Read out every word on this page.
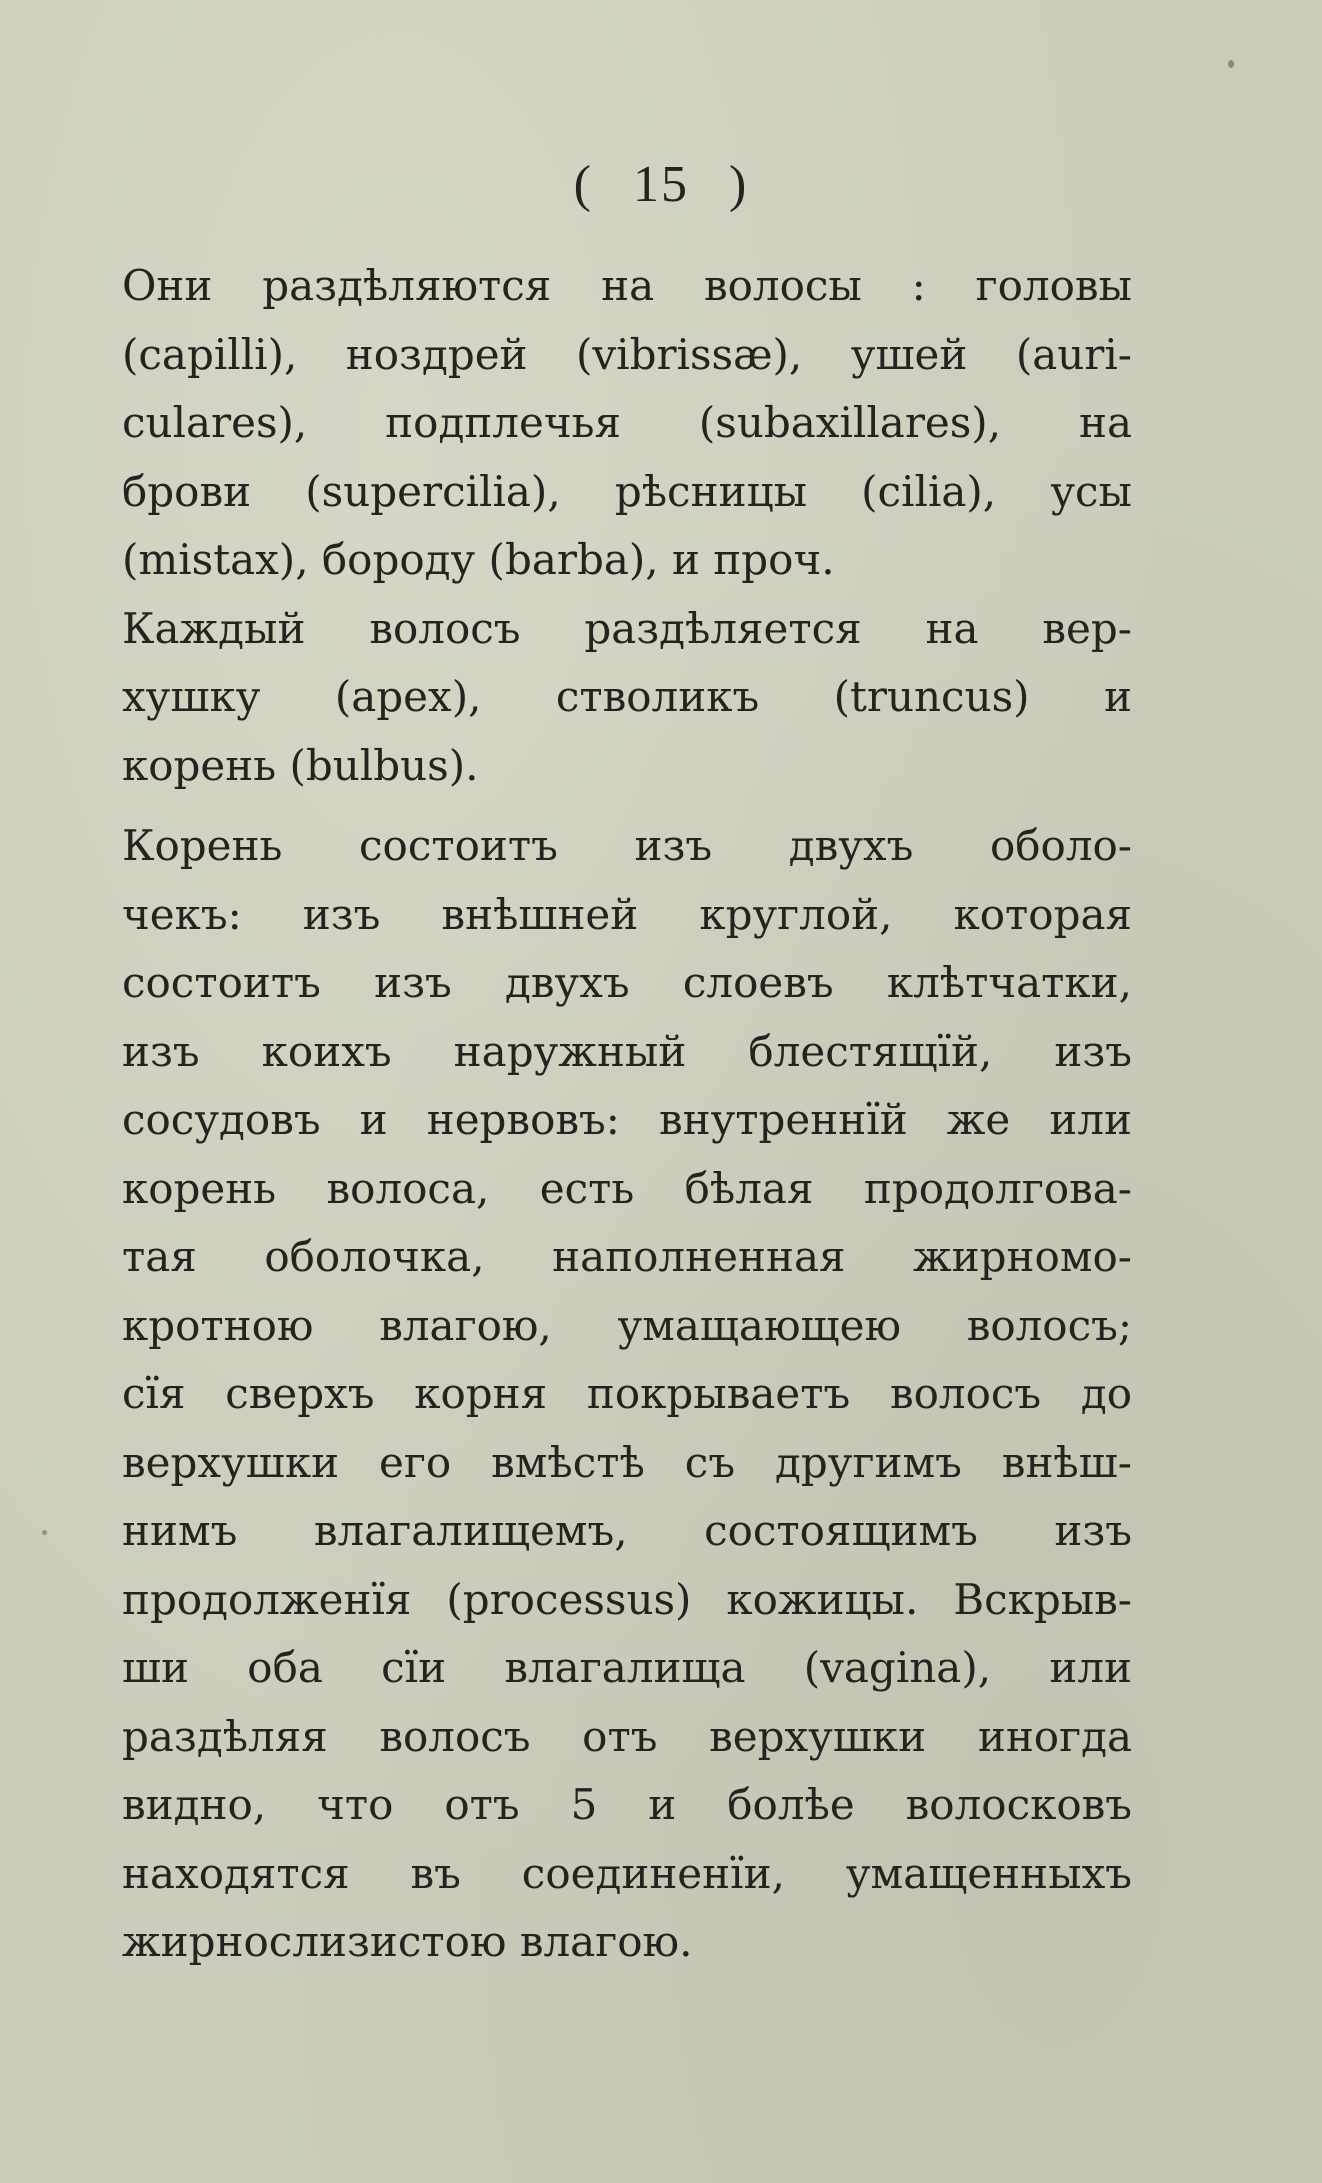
( 15 )
Они раздѣляются на волосы : головы
(capilli), ноздрей (vibrissæ), ушей (auri-
culares), подплечья (subaxillares), на
брови (supercilia), рѣсницы (cilia), усы
(mistax), бороду (barba), и проч.
Каждый волосъ раздѣляется на вер-
хушку (apex), стволикъ (truncus) и
корень (bulbus).
Корень состоитъ изъ двухъ оболо-
чекъ: изъ внѣшней круглой, которая
состоитъ изъ двухъ слоевъ клѣтчатки,
изъ коихъ наружный блестящїй, изъ
сосудовъ и нервовъ: внутреннїй же или
корень волоса, есть бѣлая продолгова-
тая оболочка, наполненная жирномо-
кротною влагою, умащающею волосъ;
сїя сверхъ корня покрываетъ волосъ до
верхушки его вмѣстѣ съ другимъ внѣш-
нимъ влагалищемъ, состоящимъ изъ
продолженїя (processus) кожицы. Вскрыв-
ши оба сїи влагалища (vagina), или
раздѣляя волосъ отъ верхушки иногда
видно, что отъ 5 и болѣе волосковъ
находятся въ соединенїи, умащенныхъ
жирнослизистою влагою.
